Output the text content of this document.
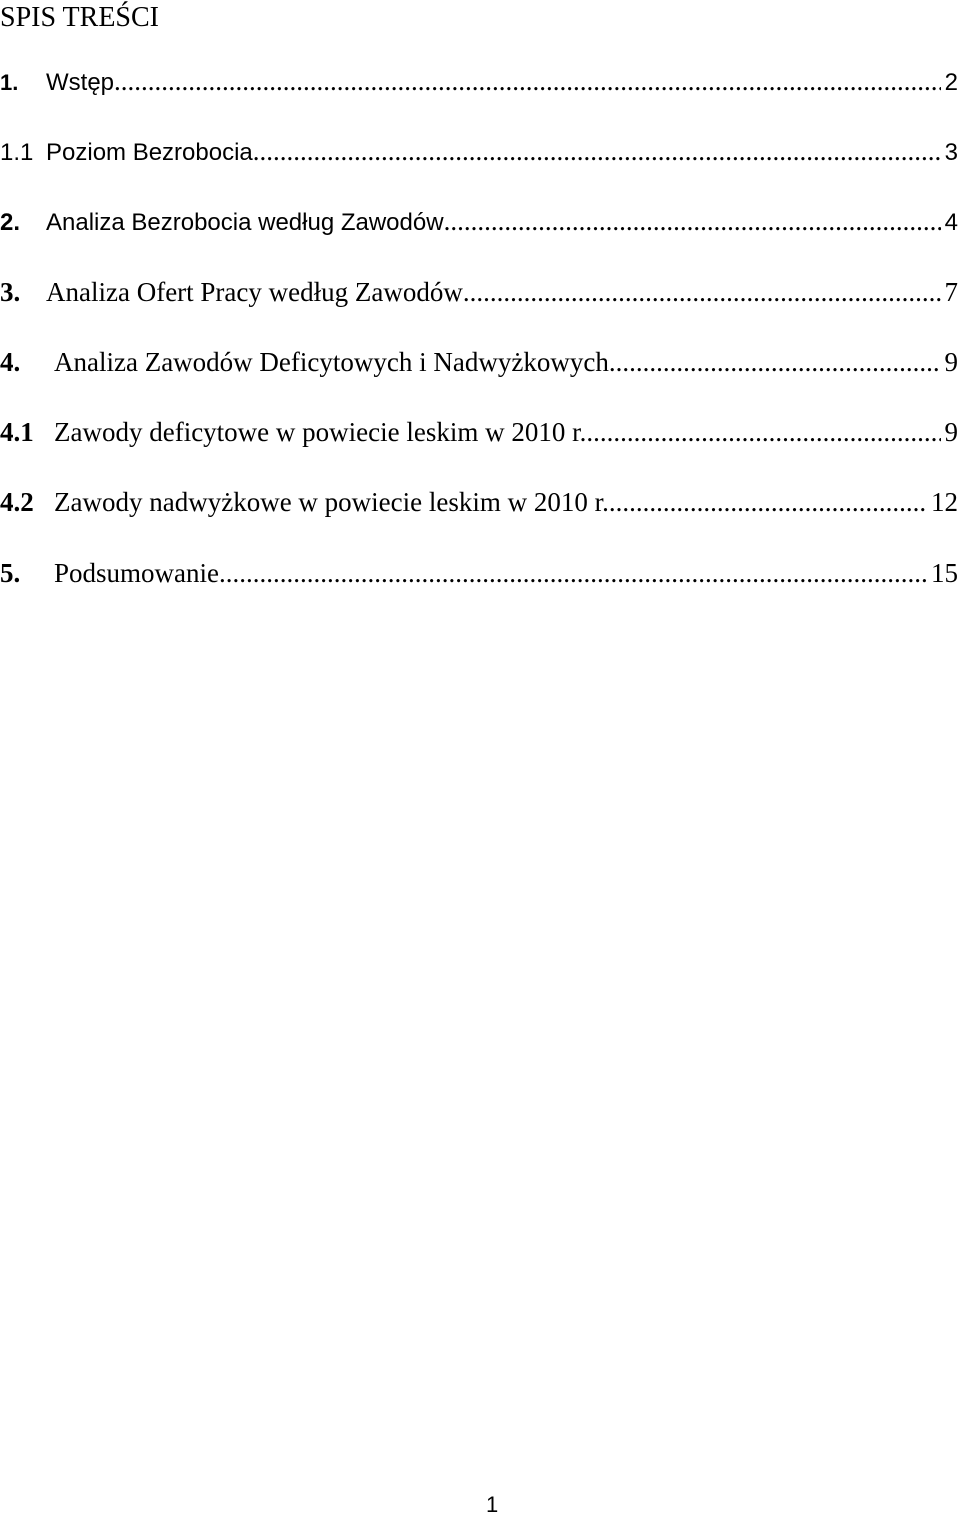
SPIS TREŚCI
1.	Wstęp .....	2
1.1 Poziom Bezrobocia .....	3
2.	Analiza Bezrobocia według Zawodów .....	4
3. Analiza Ofert Pracy według Zawodów .....	7
4.	Analiza Zawodów Deficytowych i Nadwyżkowych .....	9
4.1 Zawody deficytowe w powiecie leskim w 2010 r. .....	9
4.2 Zawody nadwyżkowe w powiecie leskim w 2010 r. .....	12
5.	Podsumowanie .....	15
1
